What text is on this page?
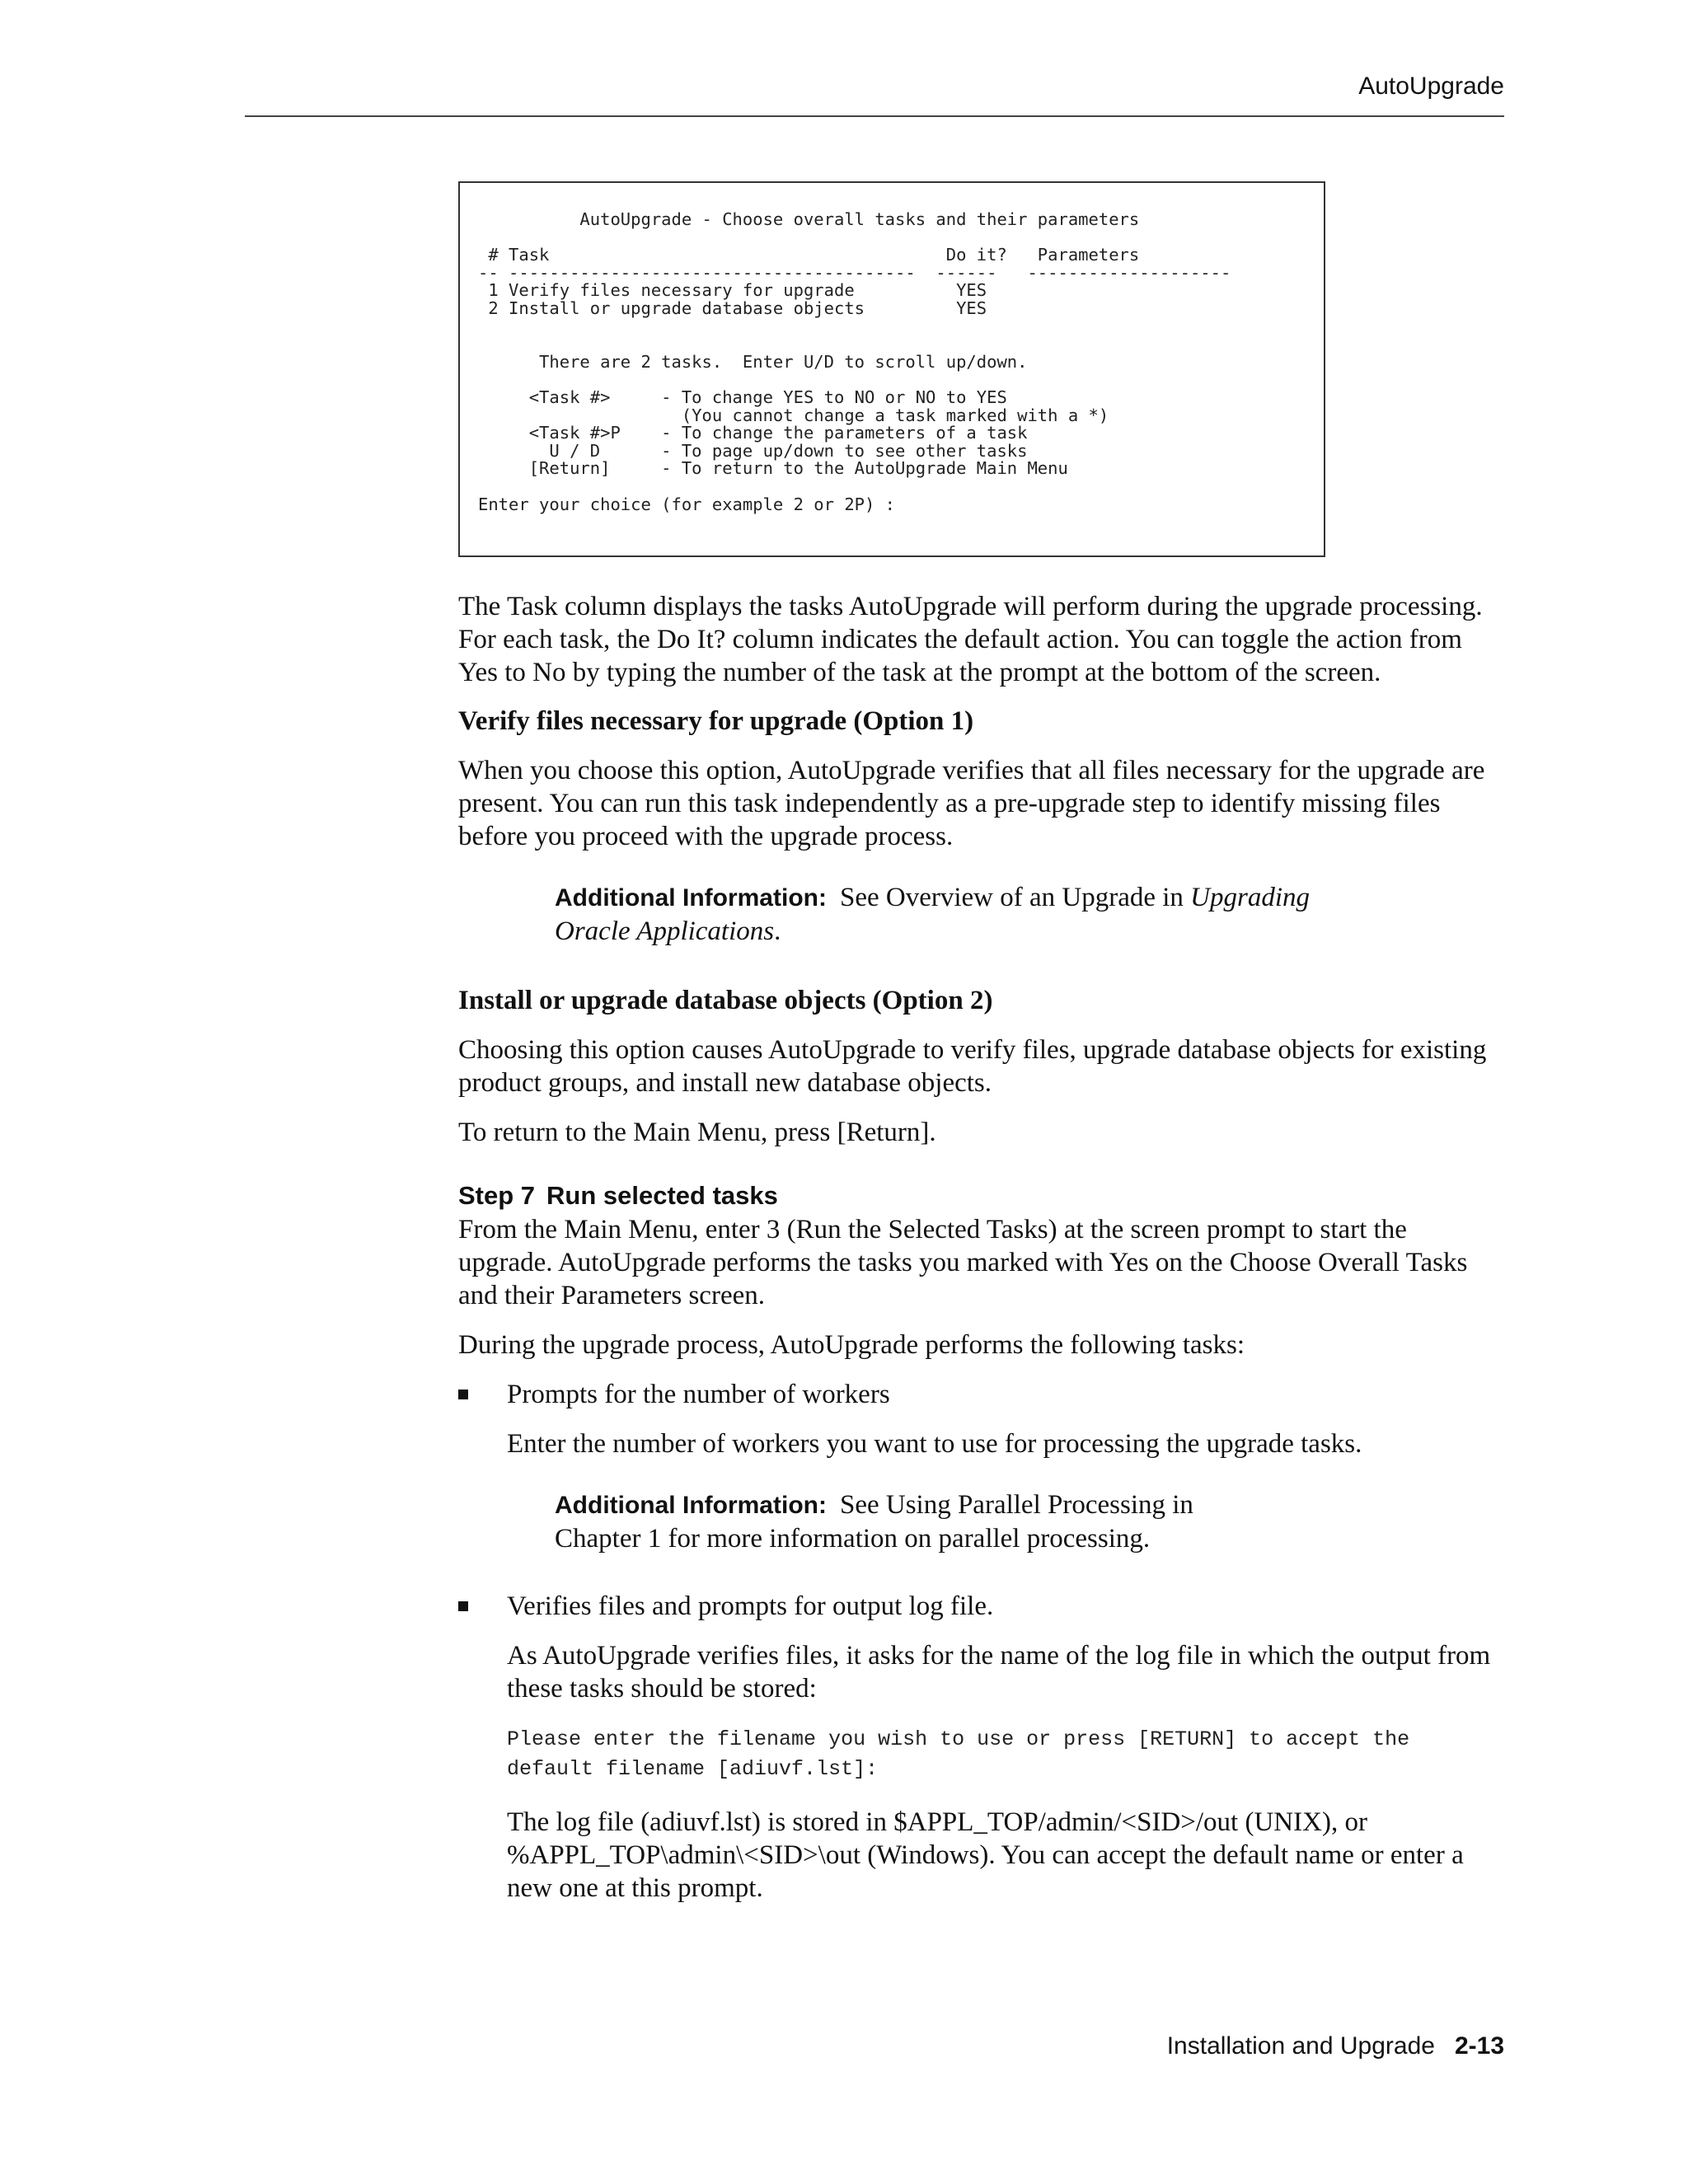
AutoUpgrade
AutoUpgrade - Choose overall tasks and their parameters

# Task                                       Do it?   Parameters
-- ----------------------------------------  ------   --------------------
1 Verify files necessary for upgrade          YES
2 Install or upgrade database objects         YES

There are 2 tasks.  Enter U/D to scroll up/down.

<Task #>     - To change YES to NO or NO to YES
(You cannot change a task marked with a *)
<Task #>P    - To change the parameters of a task
U / D      - To page up/down to see other tasks
[Return]     - To return to the AutoUpgrade Main Menu

Enter your choice (for example 2 or 2P) :

The Task column displays the tasks AutoUpgrade will perform during the upgrade processing. For each task, the Do It? column indicates the default action. You can toggle the action from Yes to No by typing the number of the task at the prompt at the bottom of the screen.

Verify files necessary for upgrade (Option 1)

When you choose this option, AutoUpgrade verifies that all files necessary for the upgrade are present. You can run this task independently as a pre-upgrade step to identify missing files before you proceed with the upgrade process.

Additional Information: See Overview of an Upgrade in Upgrading Oracle Applications.

Install or upgrade database objects (Option 2)

Choosing this option causes AutoUpgrade to verify files, upgrade database objects for existing product groups, and install new database objects.

To return to the Main Menu, press [Return].

Step 7 Run selected tasks

From the Main Menu, enter 3 (Run the Selected Tasks) at the screen prompt to start the upgrade. AutoUpgrade performs the tasks you marked with Yes on the Choose Overall Tasks and their Parameters screen.

During the upgrade process, AutoUpgrade performs the following tasks:

Prompts for the number of workers

Enter the number of workers you want to use for processing the upgrade tasks.

Additional Information: See Using Parallel Processing in Chapter 1 for more information on parallel processing.

Verifies files and prompts for output log file.

As AutoUpgrade verifies files, it asks for the name of the log file in which the output from these tasks should be stored:

Please enter the filename you wish to use or press [RETURN] to accept the
default filename [adiuvf.lst]:

The log file (adiuvf.lst) is stored in $APPL_TOP/admin/<SID>/out (UNIX), or %APPL_TOP\admin\<SID>\out (Windows). You can accept the default name or enter a new one at this prompt.

Installation and Upgrade 2-13
